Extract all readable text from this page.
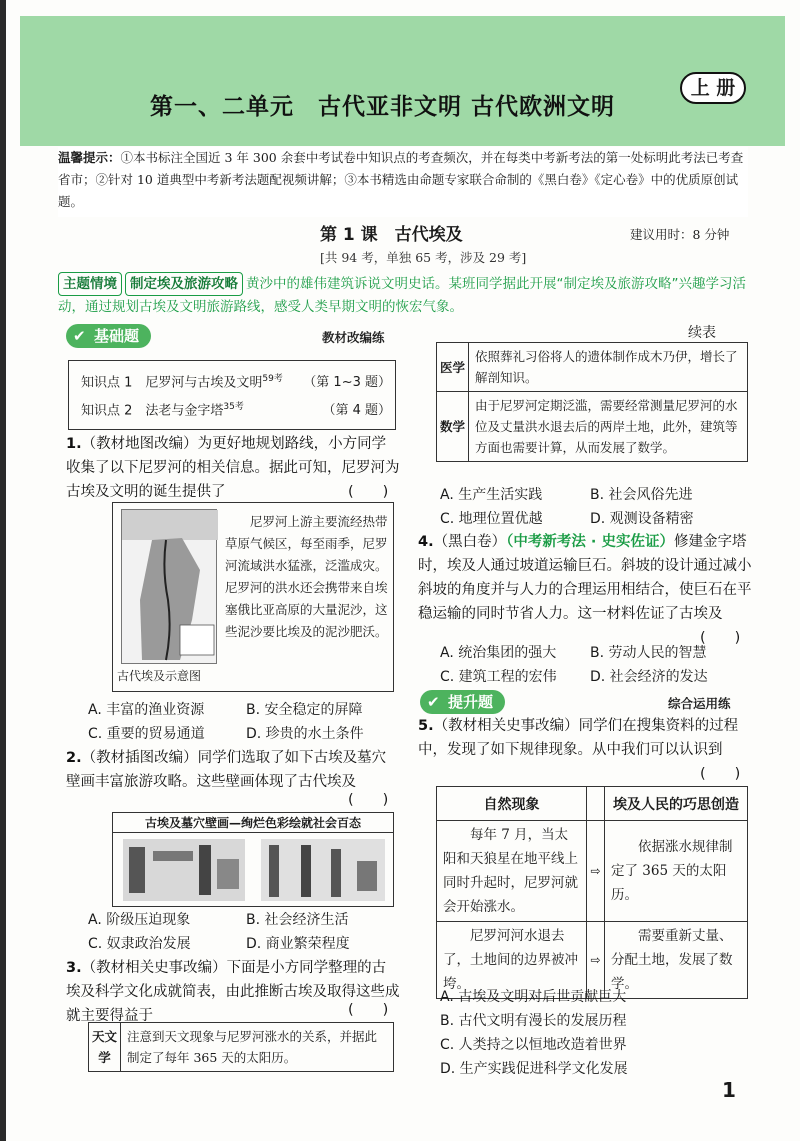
第一、二单元　古代亚非文明 古代欧洲文明
上 册
温馨提示：①本书标注全国近 3 年 300 余套中考试卷中知识点的考查频次，并在每类中考新考法的第一处标明此考法已考查省市；②针对 10 道典型中考新考法题配视频讲解；③本书精选由命题专家联合命制的《黑白卷》《定心卷》中的优质原创试题。
第 1 课　古代埃及	建议用时：8 分钟
[共 94 考，单独 65 考，涉及 29 考]
主题情境 制定埃及旅游攻略 黄沙中的雄伟建筑诉说文明史话。某班同学据此开展“制定埃及旅游攻略”兴趣学习活动，通过规划古埃及文明旅游路线，感受人类早期文明的恢宏气象。
✔ 基础题	教材改编练
知识点 1　尼罗河与古埃及文明$^{59考}$ （第 1~3 题）
知识点 2　法老与金字塔$^{35考}$	（第 4 题）
1.（教材地图改编）为更好地规划路线，小方同学收集了以下尼罗河的相关信息。据此可知，尼罗河为古埃及文明的诞生提供了	(　　)
古代埃及示意图
尼罗河上游主要流经热带草原气候区，每至雨季，尼罗河流域洪水猛涨，泛滥成灾。尼罗河的洪水还会携带来自埃塞俄比亚高原的大量泥沙，这些泥沙要比埃及的泥沙肥沃。
A. 丰富的渔业资源	B. 安全稳定的屏障
C. 重要的贸易通道	D. 珍贵的水土条件
2.（教材插图改编）同学们选取了如下古埃及墓穴壁画丰富旅游攻略。这些壁画体现了古代埃及
(　　)
古埃及墓穴壁画—绚烂色彩绘就社会百态
A. 阶级压迫现象	B. 社会经济生活
C. 奴隶政治发展	D. 商业繁荣程度
3.（教材相关史事改编）下面是小方同学整理的古埃及科学文化成就简表，由此推断古埃及取得这些成就主要得益于	(　　)
天文学	注意到天文现象与尼罗河涨水的关系，并据此制定了每年 365 天的太阳历。
续表
医学	依照葬礼习俗将人的遗体制作成木乃伊，增长了解剖知识。
数学	由于尼罗河定期泛滥，需要经常测量尼罗河的水位及丈量洪水退去后的两岸土地，此外，建筑等方面也需要计算，从而发展了数学。
A. 生产生活实践	B. 社会风俗先进
C. 地理位置优越	D. 观测设备精密
4.（黑白卷）（中考新考法 · 史实佐证）修建金字塔时，埃及人通过坡道运输巨石。斜坡的设计通过减小斜坡的角度并与人力的合理运用相结合，使巨石在平稳运输的同时节省人力。这一材料佐证了古埃及
(　　)
A. 统治集团的强大 B. 劳动人民的智慧
C. 建筑工程的宏伟 D. 社会经济的发达
✔ 提升题	综合运用练
5.（教材相关史事改编）同学们在搜集资料的过程中，发现了如下规律现象。从中我们可以认识到
(　　)
自然现象		埃及人民的巧思创造
每年 7 月，当太阳和天狼星在地平线上同时升起时，尼罗河就会开始涨水。	⇨	依据涨水规律制定了 365 天的太阳历。
尼罗河河水退去了，土地间的边界被冲垮。	⇨	需要重新丈量、分配土地，发展了数学。
A. 古埃及文明对后世贡献巨大
B. 古代文明有漫长的发展历程
C. 人类持之以恒地改造着世界
D. 生产实践促进科学文化发展
1
